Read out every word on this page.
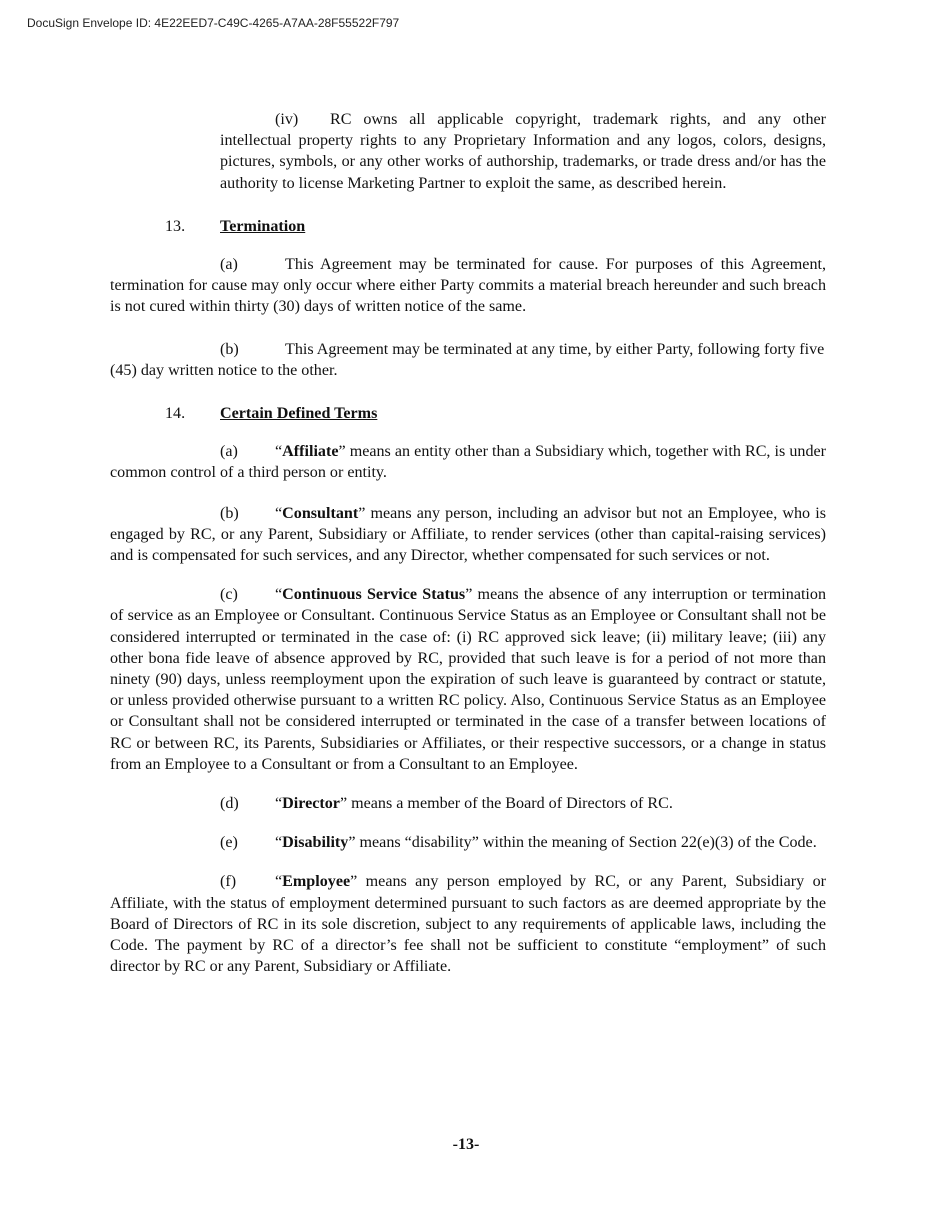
DocuSign Envelope ID: 4E22EED7-C49C-4265-A7AA-28F55522F797

(iv) RC owns all applicable copyright, trademark rights, and any other intellectual property rights to any Proprietary Information and any logos, colors, designs, pictures, symbols, or any other works of authorship, trademarks, or trade dress and/or has the authority to license Marketing Partner to exploit the same, as described herein.

13. Termination

(a)	This Agreement may be terminated for cause. For purposes of this Agreement, termination for cause may only occur where either Party commits a material breach hereunder and such breach is not cured within thirty (30) days of written notice of the same.

(b)	This Agreement may be terminated at any time, by either Party, following forty five (45) day written notice to the other.

14. Certain Defined Terms

(a) “Affiliate” means an entity other than a Subsidiary which, together with RC, is under common control of a third person or entity.

(b) “Consultant” means any person, including an advisor but not an Employee, who is engaged by RC, or any Parent, Subsidiary or Affiliate, to render services (other than capital-raising services) and is compensated for such services, and any Director, whether compensated for such services or not.

(c) “Continuous Service Status” means the absence of any interruption or termination of service as an Employee or Consultant. Continuous Service Status as an Employee or Consultant shall not be considered interrupted or terminated in the case of: (i) RC approved sick leave; (ii) military leave; (iii) any other bona fide leave of absence approved by RC, provided that such leave is for a period of not more than ninety (90) days, unless reemployment upon the expiration of such leave is guaranteed by contract or statute, or unless provided otherwise pursuant to a written RC policy. Also, Continuous Service Status as an Employee or Consultant shall not be considered interrupted or terminated in the case of a transfer between locations of RC or between RC, its Parents, Subsidiaries or Affiliates, or their respective successors, or a change in status from an Employee to a Consultant or from a Consultant to an Employee.

(d) “Director” means a member of the Board of Directors of RC.

(e) “Disability” means “disability” within the meaning of Section 22(e)(3) of the Code.

(f) “Employee” means any person employed by RC, or any Parent, Subsidiary or Affiliate, with the status of employment determined pursuant to such factors as are deemed appropriate by the Board of Directors of RC in its sole discretion, subject to any requirements of applicable laws, including the Code. The payment by RC of a director’s fee shall not be sufficient to constitute “employment” of such director by RC or any Parent, Subsidiary or Affiliate.

-13-
